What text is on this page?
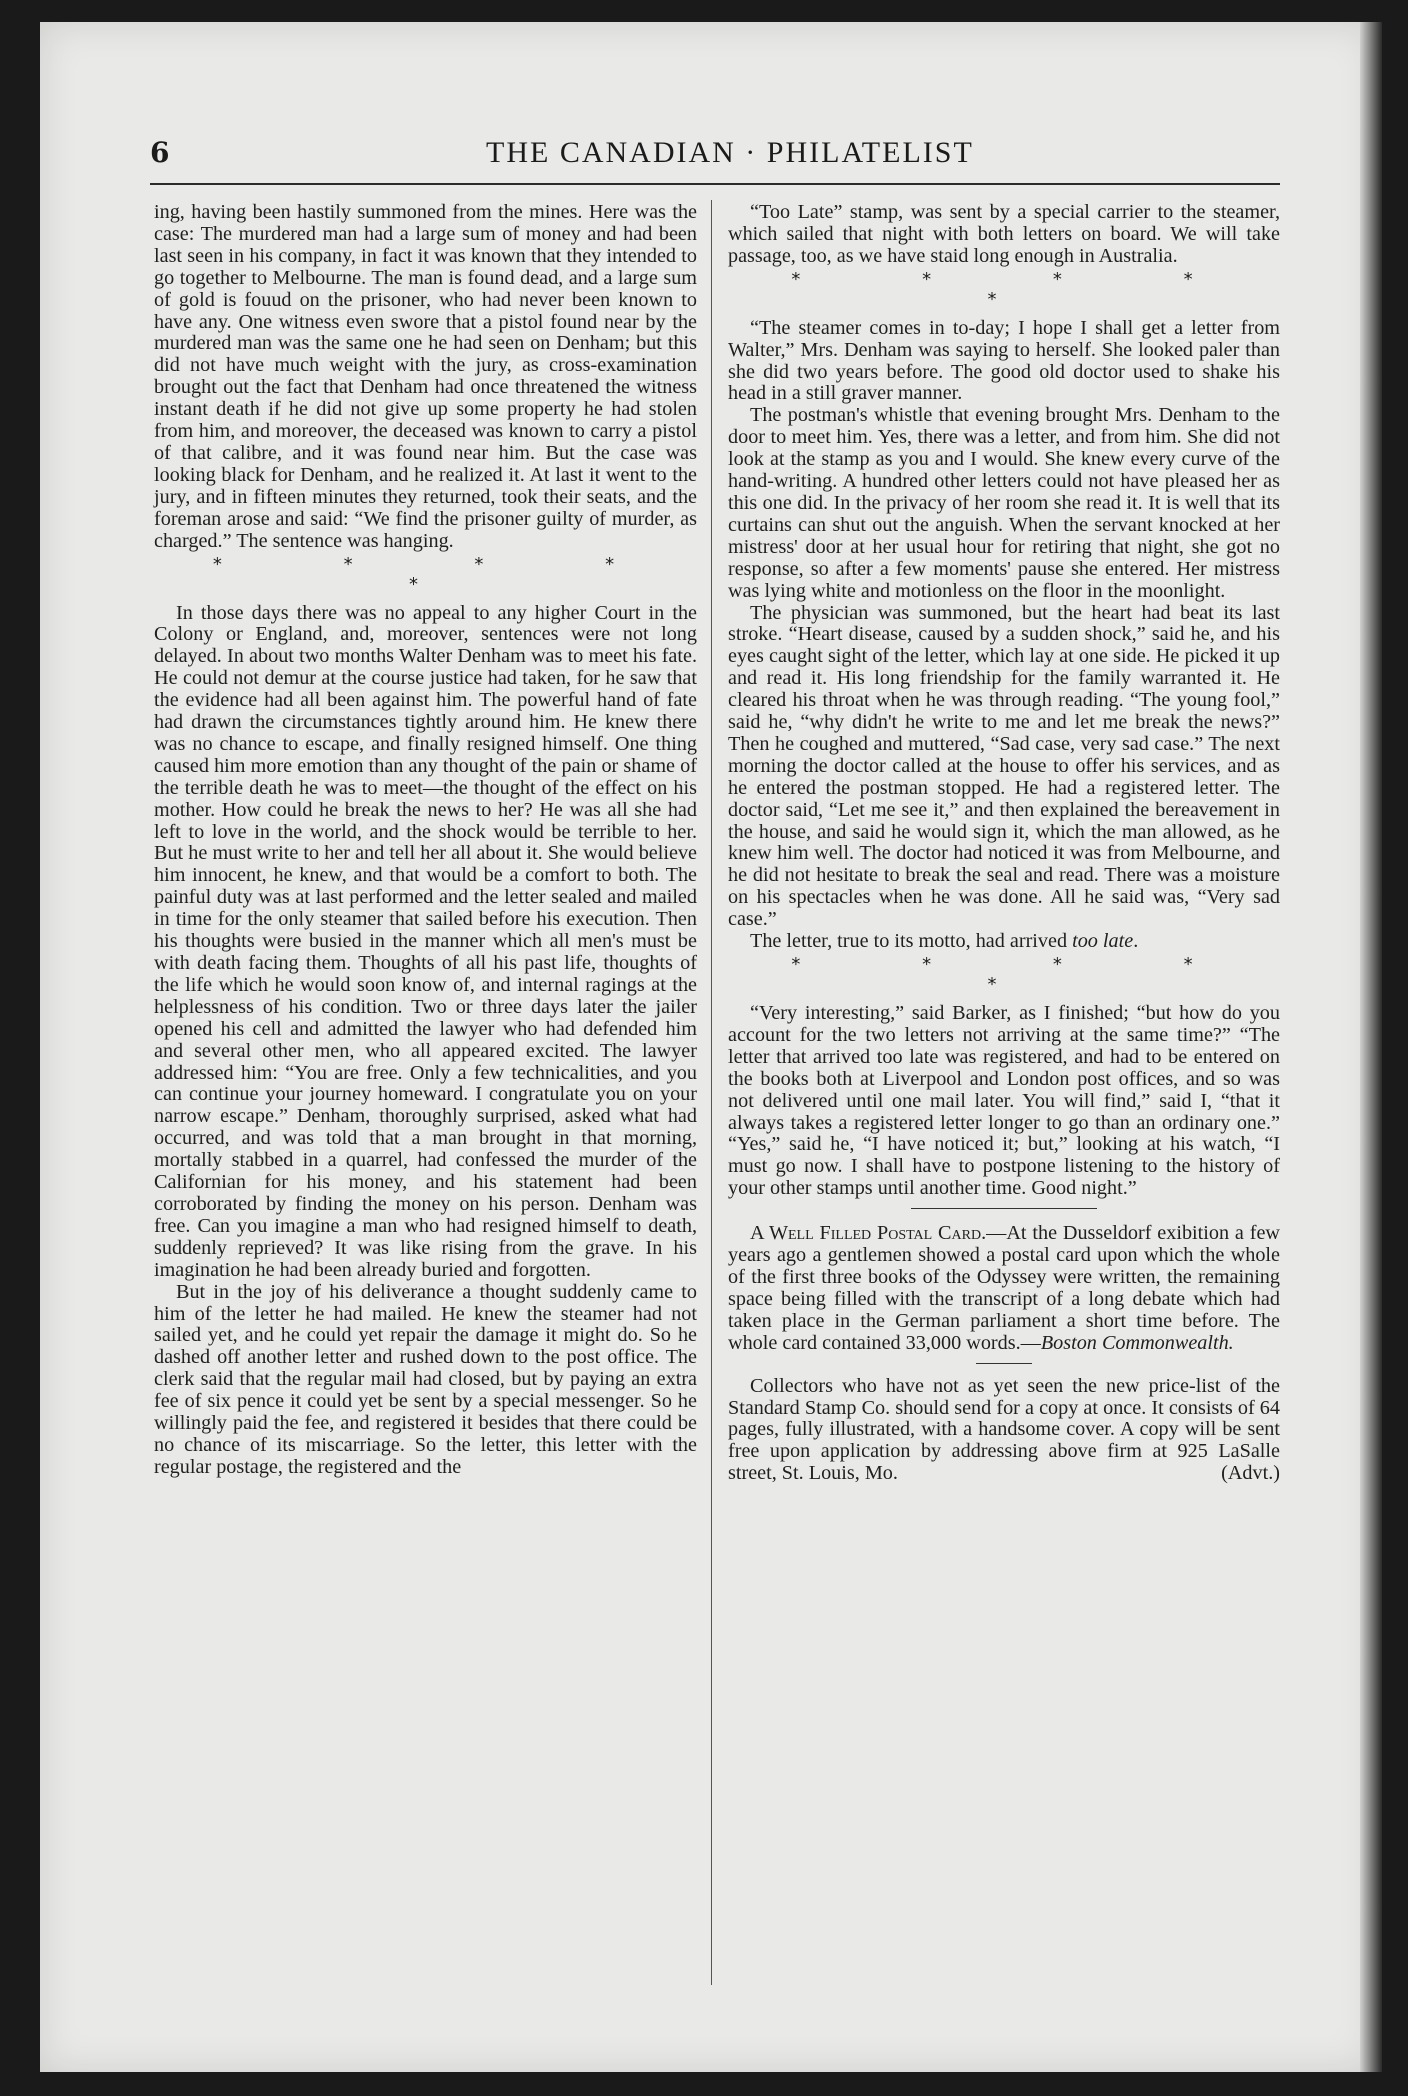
6	THE CANADIAN · PHILATELIST

ing, having been hastily summoned from the mines. Here was the case: The murdered man had a large sum of money and had been last seen in his company, in fact it was known that they intended to go together to Melbourne. The man is found dead, and a large sum of gold is fouud on the prisoner, who had never been known to have any. One witness even swore that a pistol found near by the murdered man was the same one he had seen on Denham; but this did not have much weight with the jury, as cross-examination brought out the fact that Denham had once threatened the witness instant death if he did not give up some property he had stolen from him, and moreover, the deceased was known to carry a pistol of that calibre, and it was found near him. But the case was looking black for Denham, and he realized it. At last it went to the jury, and in fifteen minutes they returned, took their seats, and the foreman arose and said: “We find the prisoner guilty of murder, as charged.” The sentence was hanging.

* * * * *

In those days there was no appeal to any higher Court in the Colony or England, and, moreover, sentences were not long delayed. In about two months Walter Denham was to meet his fate. He could not demur at the course justice had taken, for he saw that the evidence had all been against him. The powerful hand of fate had drawn the circumstances tightly around him. He knew there was no chance to escape, and finally resigned himself. One thing caused him more emotion than any thought of the pain or shame of the terrible death he was to meet—the thought of the effect on his mother. How could he break the news to her? He was all she had left to love in the world, and the shock would be terrible to her. But he must write to her and tell her all about it. She would believe him innocent, he knew, and that would be a comfort to both. The painful duty was at last performed and the letter sealed and mailed in time for the only steamer that sailed before his execution. Then his thoughts were busied in the manner which all men's must be with death facing them. Thoughts of all his past life, thoughts of the life which he would soon know of, and internal ragings at the helplessness of his condition. Two or three days later the jailer opened his cell and admitted the lawyer who had defended him and several other men, who all appeared excited. The lawyer addressed him: “You are free. Only a few technicalities, and you can continue your journey homeward. I congratulate you on your narrow escape.” Denham, thoroughly surprised, asked what had occurred, and was told that a man brought in that morning, mortally stabbed in a quarrel, had confessed the murder of the Californian for his money, and his statement had been corroborated by finding the money on his person. Denham was free. Can you imagine a man who had resigned himself to death, suddenly reprieved? It was like rising from the grave. In his imagination he had been already buried and forgotten.

But in the joy of his deliverance a thought suddenly came to him of the letter he had mailed. He knew the steamer had not sailed yet, and he could yet repair the damage it might do. So he dashed off another letter and rushed down to the post office. The clerk said that the regular mail had closed, but by paying an extra fee of six pence it could yet be sent by a special messenger. So he willingly paid the fee, and registered it besides that there could be no chance of its miscarriage. So the letter, this letter with the regular postage, the registered and the

“Too Late” stamp, was sent by a special carrier to the steamer, which sailed that night with both letters on board. We will take passage, too, as we have staid long enough in Australia.

* * * * *

“The steamer comes in to-day; I hope I shall get a letter from Walter,” Mrs. Denham was saying to herself. She looked paler than she did two years before. The good old doctor used to shake his head in a still graver manner.

The postman's whistle that evening brought Mrs. Denham to the door to meet him. Yes, there was a letter, and from him. She did not look at the stamp as you and I would. She knew every curve of the hand-writing. A hundred other letters could not have pleased her as this one did. In the privacy of her room she read it. It is well that its curtains can shut out the anguish. When the servant knocked at her mistress' door at her usual hour for retiring that night, she got no response, so after a few moments' pause she entered. Her mistress was lying white and motionless on the floor in the moonlight.

The physician was summoned, but the heart had beat its last stroke. “Heart disease, caused by a sudden shock,” said he, and his eyes caught sight of the letter, which lay at one side. He picked it up and read it. His long friendship for the family warranted it. He cleared his throat when he was through reading. “The young fool,” said he, “why didn't he write to me and let me break the news?” Then he coughed and muttered, “Sad case, very sad case.” The next morning the doctor called at the house to offer his services, and as he entered the postman stopped. He had a registered letter. The doctor said, “Let me see it,” and then explained the bereavement in the house, and said he would sign it, which the man allowed, as he knew him well. The doctor had noticed it was from Melbourne, and he did not hesitate to break the seal and read. There was a moisture on his spectacles when he was done. All he said was, “Very sad case.”

The letter, true to its motto, had arrived too late.

* * * * *

“Very interesting,” said Barker, as I finished; “but how do you account for the two letters not arriving at the same time?” “The letter that arrived too late was registered, and had to be entered on the books both at Liverpool and London post offices, and so was not delivered until one mail later. You will find,” said I, “that it always takes a registered letter longer to go than an ordinary one.” “Yes,” said he, “I have noticed it; but,” looking at his watch, “I must go now. I shall have to postpone listening to the history of your other stamps until another time. Good night.”

A Well Filled Postal Card.—At the Dusseldorf exibition a few years ago a gentlemen showed a postal card upon which the whole of the first three books of the Odyssey were written, the remaining space being filled with the transcript of a long debate which had taken place in the German parliament a short time before. The whole card contained 33,000 words.—Boston Commonwealth.

Collectors who have not as yet seen the new price-list of the Standard Stamp Co. should send for a copy at once. It consists of 64 pages, fully illustrated, with a handsome cover. A copy will be sent free upon application by addressing above firm at 925 LaSalle street, St. Louis, Mo.	(Advt.)
